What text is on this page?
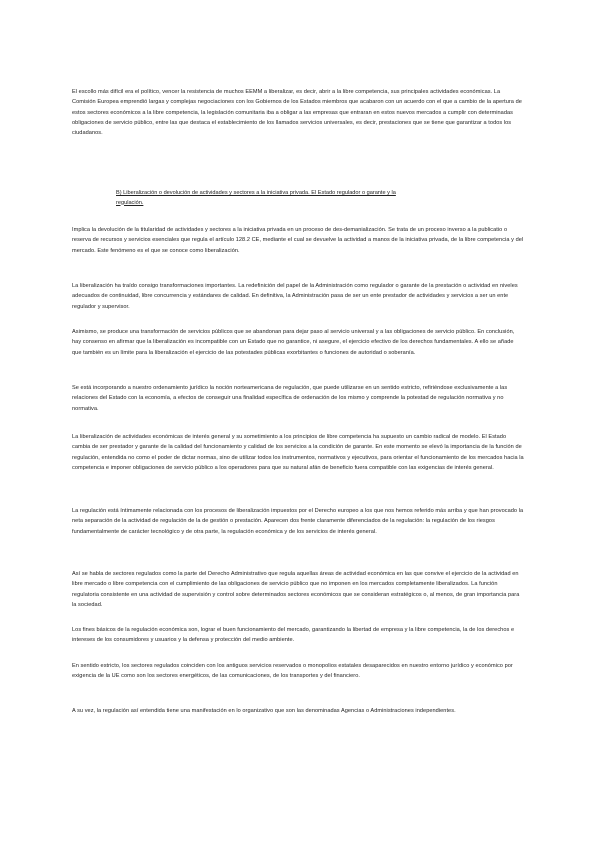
El escollo más difícil era el político, vencer la resistencia de muchos EEMM a liberalizar, es decir, abrir a la libre competencia, sus principales actividades económicas. La Comisión Europea emprendió largas y complejas negociaciones con los Gobiernos de los Estados miembros que acabaron con un acuerdo con el que a cambio de la apertura de estos sectores económicos a la libre competencia, la legislación comunitaria iba a obligar a las empresas que entraran en estos nuevos mercados a cumplir con determinadas obligaciones de servicio público, entre las que destaca el establecimiento de los llamados servicios universales, es decir, prestaciones que se tiene que garantizar a todos los ciudadanos.

B) Liberalización o devolución de actividades y sectores a la iniciativa privada. El Estado regulador o garante y la regulación.

Implica la devolución de la titularidad de actividades y sectores a la iniciativa privada en un proceso de des-demanialización. Se trata de un proceso inverso a la publicatio o reserva de recursos y servicios esenciales que regula el artículo 128.2 CE, mediante el cual se devuelve la actividad a manos de la iniciativa privada, de la libre competencia y del mercado. Este fenómeno es el que se conoce como liberalización.

La liberalización ha traído consigo transformaciones importantes. La redefinición del papel de la Administración como regulador o garante de la prestación o actividad en niveles adecuados de continuidad, libre concurrencia y estándares de calidad. En definitiva, la Administración pasa de ser un ente prestador de actividades y servicios a ser un ente regulador y supervisor.

Asimismo, se produce una transformación de servicios públicos que se abandonan para dejar paso al servicio universal y a las obligaciones de servicio público. En conclusión, hay consenso en afirmar que la liberalización es incompatible con un Estado que no garantice, ni asegure, el ejercicio efectivo de los derechos fundamentales. A ello se añade que también es un límite para la liberalización el ejercicio de las potestades públicas exorbitantes o funciones de autoridad o soberanía.

Se está incorporando a nuestro ordenamiento jurídico la noción norteamericana de regulación, que puede utilizarse en un sentido estricto, refiriéndose exclusivamente a las relaciones del Estado con la economía, a efectos de conseguir una finalidad específica de ordenación de los mismo y comprende la potestad de regulación normativa y no normativa.

La liberalización de actividades económicas de interés general y su sometimiento a los principios de libre competencia ha supuesto un cambio radical de modelo. El Estado cambia de ser prestador y garante de la calidad del funcionamiento y calidad de los servicios a la condición de garante. En este momento se elevó la importancia de la función de regulación, entendida no como el poder de dictar normas, sino de utilizar todos los instrumentos, normativos y ejecutivos, para orientar el funcionamiento de los mercados hacia la competencia e imponer obligaciones de servicio público a los operadores para que su natural afán de beneficio fuera compatible con las exigencias de interés general.

La regulación está íntimamente relacionada con los procesos de liberalización impuestos por el Derecho europeo a los que nos hemos referido más arriba y que han provocado la neta separación de la actividad de regulación de la de gestión o prestación. Aparecen dos frente claramente diferenciados de la regulación: la regulación de los riesgos fundamentalmente de carácter tecnológico y de otra parte, la regulación económica y de los servicios de interés general.

Así se habla de sectores regulados como la parte del Derecho Administrativo que regula aquellas áreas de actividad económica en las que convive el ejercicio de la actividad en libre mercado o libre competencia con el cumplimiento de las obligaciones de servicio público que no imponen en los mercados completamente liberalizados. La función regulatoria consistente en una actividad de supervisión y control sobre determinados sectores económicos que se consideran estratégicos o, al menos, de gran importancia para la sociedad.

Los fines básicos de la regulación económica son, lograr el buen funcionamiento del mercado, garantizando la libertad de empresa y la libre competencia, la de los derechos e intereses de los consumidores y usuarios y la defensa y protección del medio ambiente.

En sentido estricto, los sectores regulados coinciden con los antiguos servicios reservados o monopolios estatales desaparecidos en nuestro entorno jurídico y económico por exigencia de la UE como son los sectores energéticos, de las comunicaciones, de los transportes y del financiero.

A su vez, la regulación así entendida tiene una manifestación en lo organizativo que son las denominadas Agencias o Administraciones independientes.
